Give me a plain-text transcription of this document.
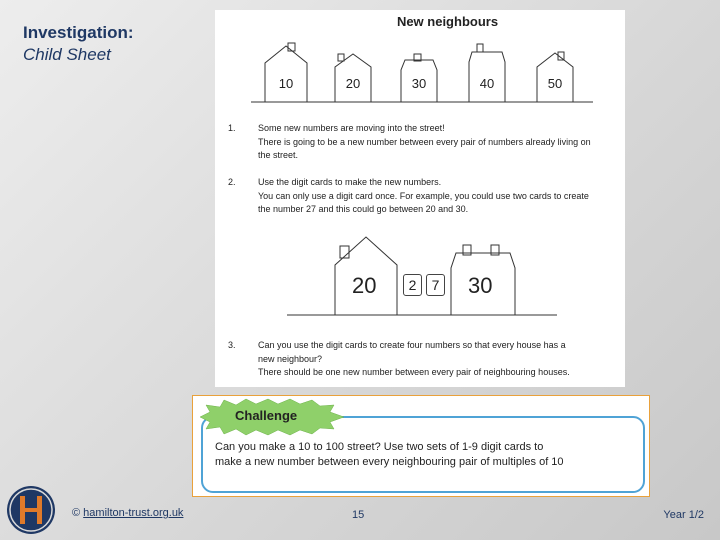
Investigation:
Child Sheet
New neighbours
10	20	30	40	50
1. Some new numbers are moving into the street!
There is going to be a new number between every pair of numbers already living on
the street.
2. Use the digit cards to make the new numbers.
You can only use a digit card once. For example, you could use two cards to create
the number 27 and this could go between 20 and 30.
20	2	7 30
3. Can you use the digit cards to create four numbers so that every house has a
new neighbour?
There should be one new number between every pair of neighbouring houses.
Challenge
Can you make a 10 to 100 street? Use two sets of 1-9 digit cards to
make a new number between every neighbouring pair of multiples of 10
© hamilton-trust.org.uk	15	Year 1/2
